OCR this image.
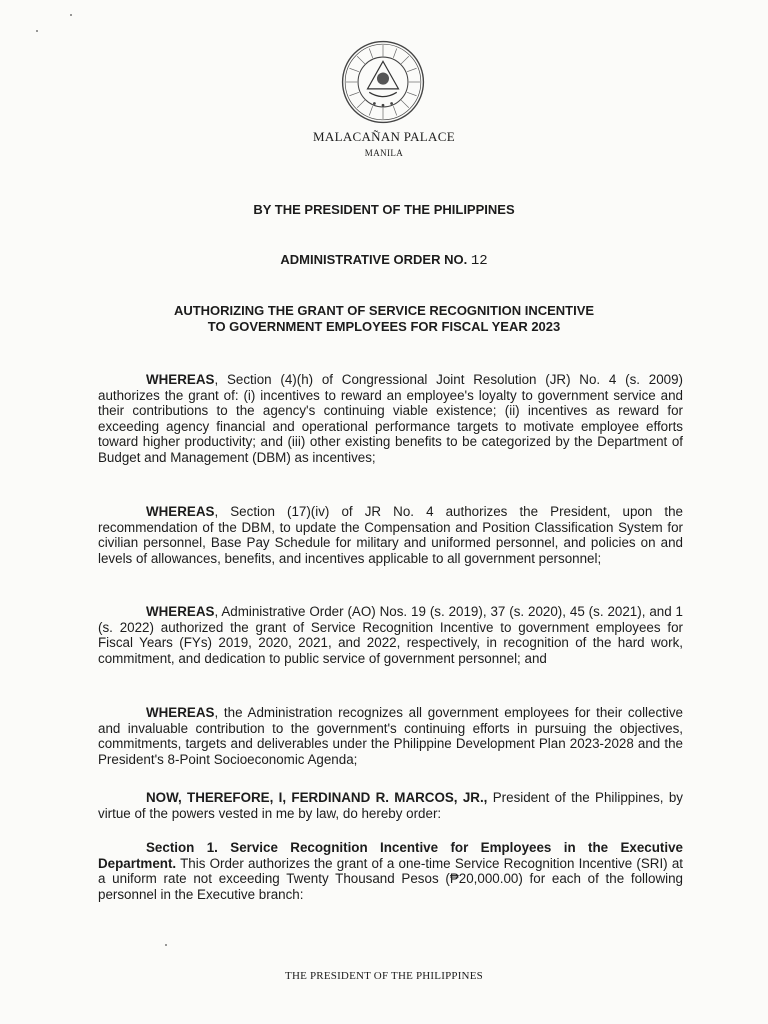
MALACAÑAN PALACE
MANILA
BY THE PRESIDENT OF THE PHILIPPINES
ADMINISTRATIVE ORDER NO. 12
AUTHORIZING THE GRANT OF SERVICE RECOGNITION INCENTIVE
TO GOVERNMENT EMPLOYEES FOR FISCAL YEAR 2023
WHEREAS, Section (4)(h) of Congressional Joint Resolution (JR) No. 4 (s. 2009) authorizes the grant of: (i) incentives to reward an employee's loyalty to government service and their contributions to the agency's continuing viable existence; (ii) incentives as reward for exceeding agency financial and operational performance targets to motivate employee efforts toward higher productivity; and (iii) other existing benefits to be categorized by the Department of Budget and Management (DBM) as incentives;
WHEREAS, Section (17)(iv) of JR No. 4 authorizes the President, upon the recommendation of the DBM, to update the Compensation and Position Classification System for civilian personnel, Base Pay Schedule for military and uniformed personnel, and policies on and levels of allowances, benefits, and incentives applicable to all government personnel;
WHEREAS, Administrative Order (AO) Nos. 19 (s. 2019), 37 (s. 2020), 45 (s. 2021), and 1 (s. 2022) authorized the grant of Service Recognition Incentive to government employees for Fiscal Years (FYs) 2019, 2020, 2021, and 2022, respectively, in recognition of the hard work, commitment, and dedication to public service of government personnel; and
WHEREAS, the Administration recognizes all government employees for their collective and invaluable contribution to the government's continuing efforts in pursuing the objectives, commitments, targets and deliverables under the Philippine Development Plan 2023-2028 and the President's 8-Point Socioeconomic Agenda;
NOW, THEREFORE, I, FERDINAND R. MARCOS, JR., President of the Philippines, by virtue of the powers vested in me by law, do hereby order:
Section 1. Service Recognition Incentive for Employees in the Executive Department. This Order authorizes the grant of a one-time Service Recognition Incentive (SRI) at a uniform rate not exceeding Twenty Thousand Pesos (₱20,000.00) for each of the following personnel in the Executive branch:
THE PRESIDENT OF THE PHILIPPINES
